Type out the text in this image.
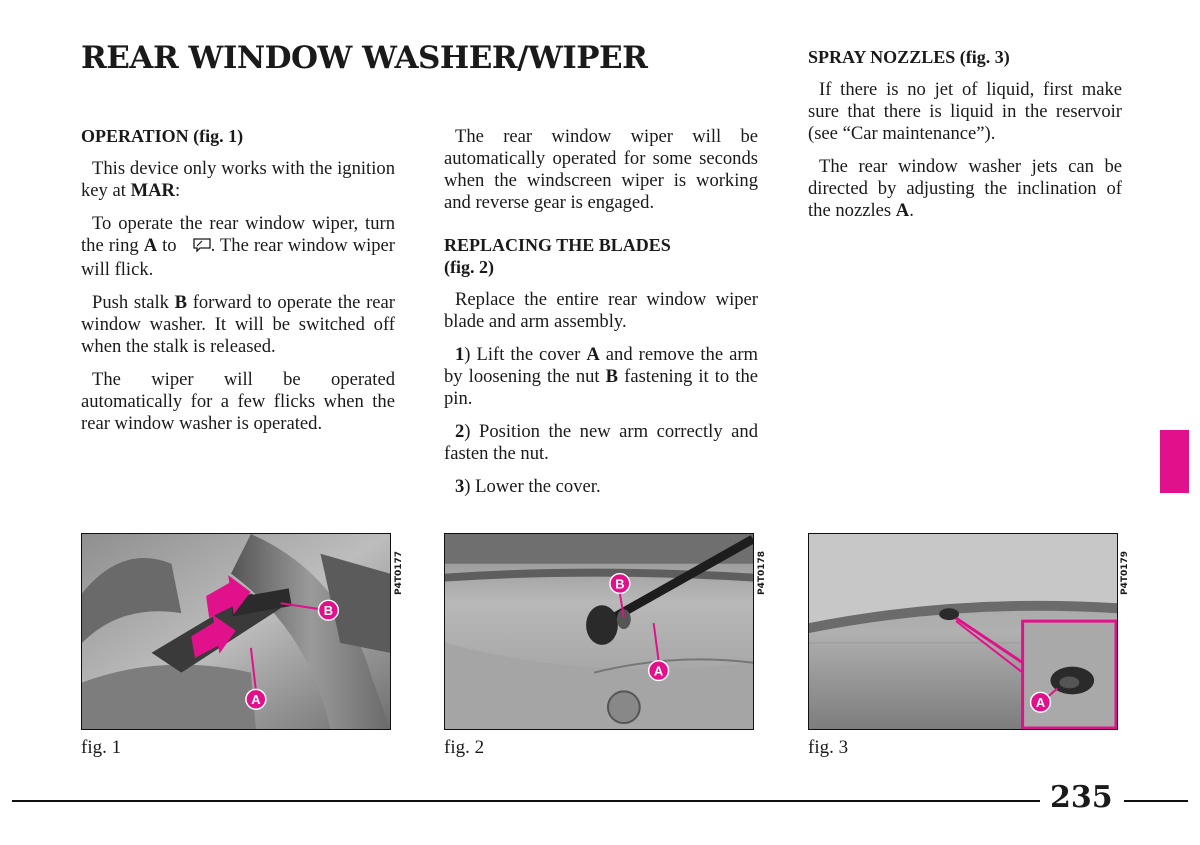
REAR WINDOW WASHER/WIPER
OPERATION (fig. 1)

This device only works with the ignition key at MAR:

To operate the rear window wiper, turn the ring A to . The rear window wiper will flick.

Push stalk B forward to operate the rear window washer. It will be switched off when the stalk is released.

The wiper will be operated automatically for a few flicks when the rear window washer is operated.

The rear window wiper will be automatically operated for some seconds when the windscreen wiper is working and reverse gear is engaged.

REPLACING THE BLADES
(fig. 2)

Replace the entire rear window wiper blade and arm assembly.

1) Lift the cover A and remove the arm by loosening the nut B fastening it to the pin.

2) Position the new arm correctly and fasten the nut.

3) Lower the cover.

SPRAY NOZZLES (fig. 3)

If there is no jet of liquid, first make sure that there is liquid in the reservoir (see “Car maintenance”).

The rear window washer jets can be directed by adjusting the inclination of the nozzles A.

B
A
P4T0177
fig. 1
B
A
P4T0178
fig. 2
A
P4T0179
fig. 3
235
